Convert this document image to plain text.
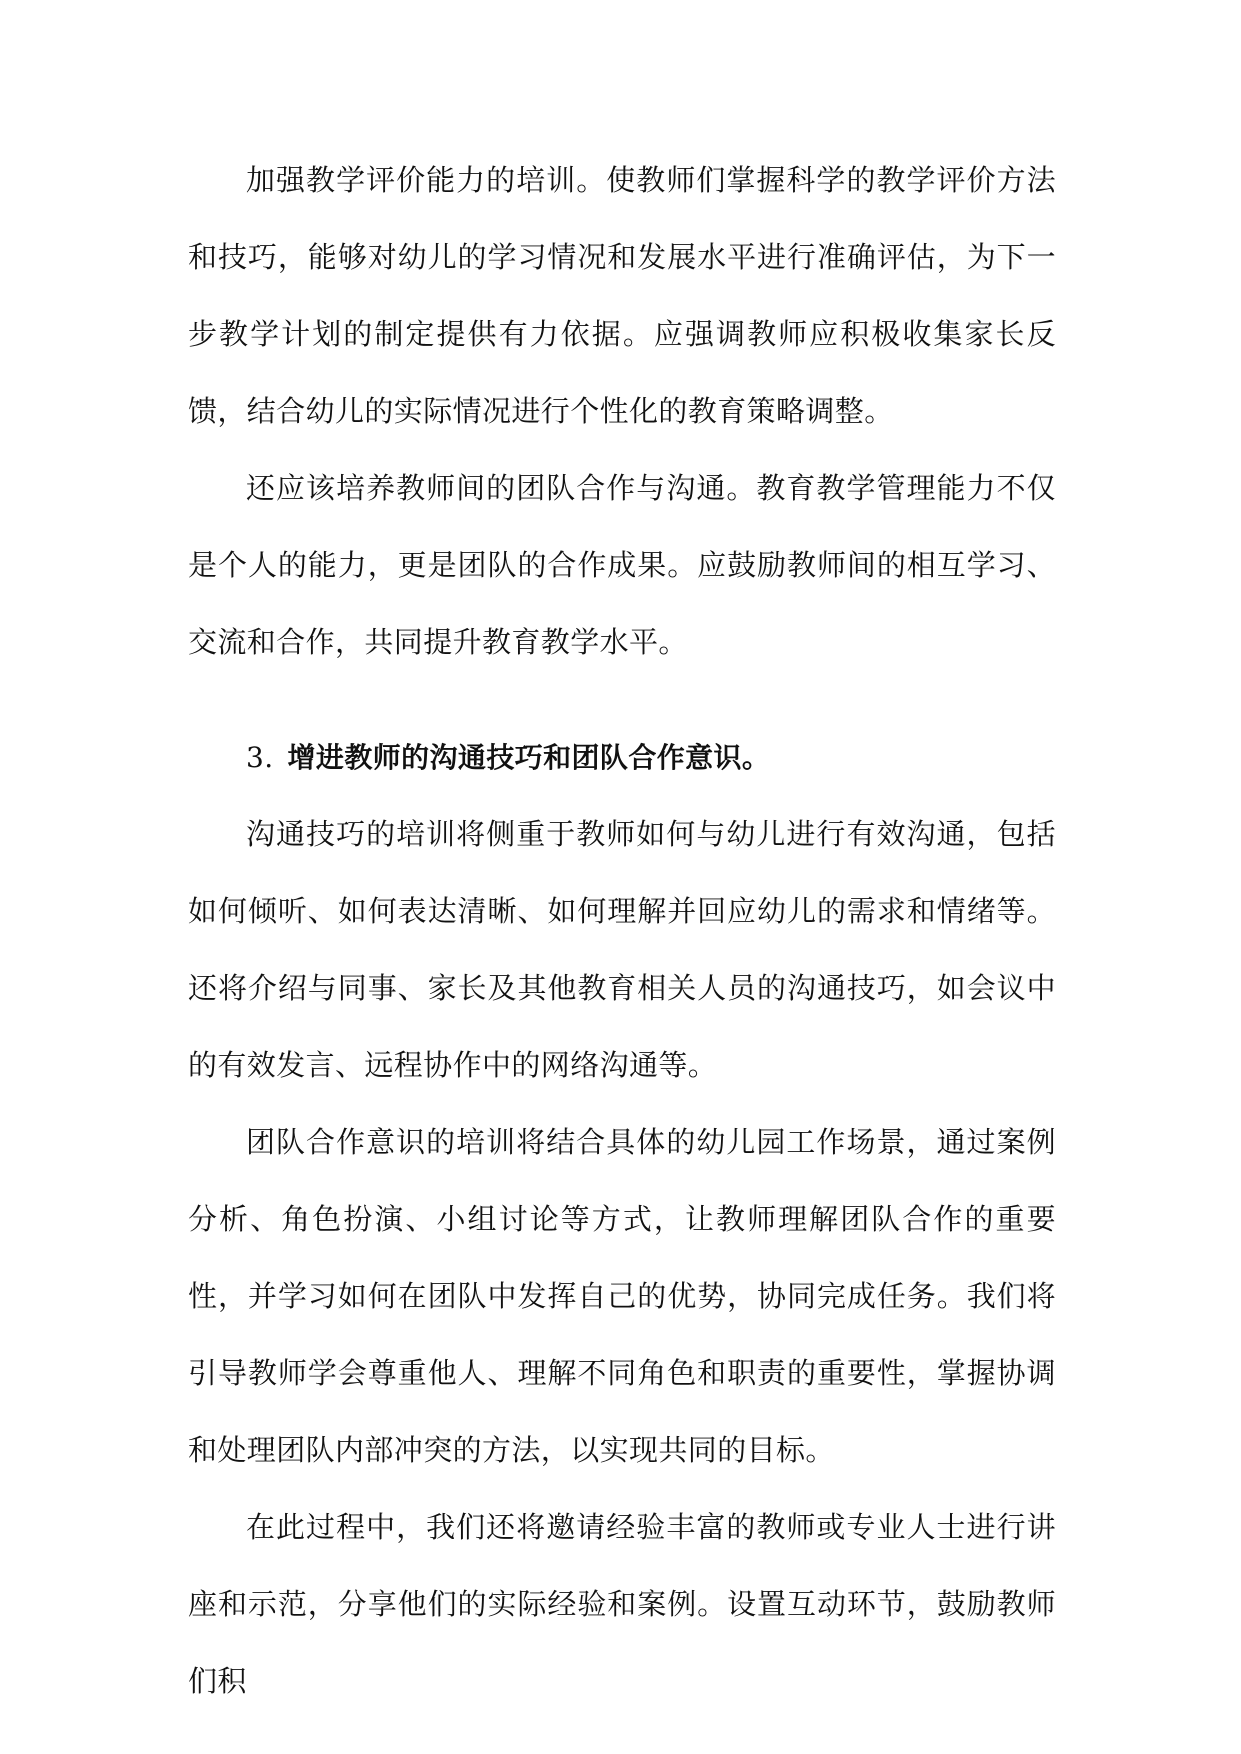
加强教学评价能力的培训。使教师们掌握科学的教学评价方法和技巧，能够对幼儿的学习情况和发展水平进行准确评估，为下一步教学计划的制定提供有力依据。应强调教师应积极收集家长反馈，结合幼儿的实际情况进行个性化的教育策略调整。

还应该培养教师间的团队合作与沟通。教育教学管理能力不仅是个人的能力，更是团队的合作成果。应鼓励教师间的相互学习、交流和合作，共同提升教育教学水平。

3. 增进教师的沟通技巧和团队合作意识。

沟通技巧的培训将侧重于教师如何与幼儿进行有效沟通，包括如何倾听、如何表达清晰、如何理解并回应幼儿的需求和情绪等。还将介绍与同事、家长及其他教育相关人员的沟通技巧，如会议中的有效发言、远程协作中的网络沟通等。

团队合作意识的培训将结合具体的幼儿园工作场景，通过案例分析、角色扮演、小组讨论等方式，让教师理解团队合作的重要性，并学习如何在团队中发挥自己的优势，协同完成任务。我们将引导教师学会尊重他人、理解不同角色和职责的重要性，掌握协调和处理团队内部冲突的方法，以实现共同的目标。

在此过程中，我们还将邀请经验丰富的教师或专业人士进行讲座和示范，分享他们的实际经验和案例。设置互动环节，鼓励教师们积
